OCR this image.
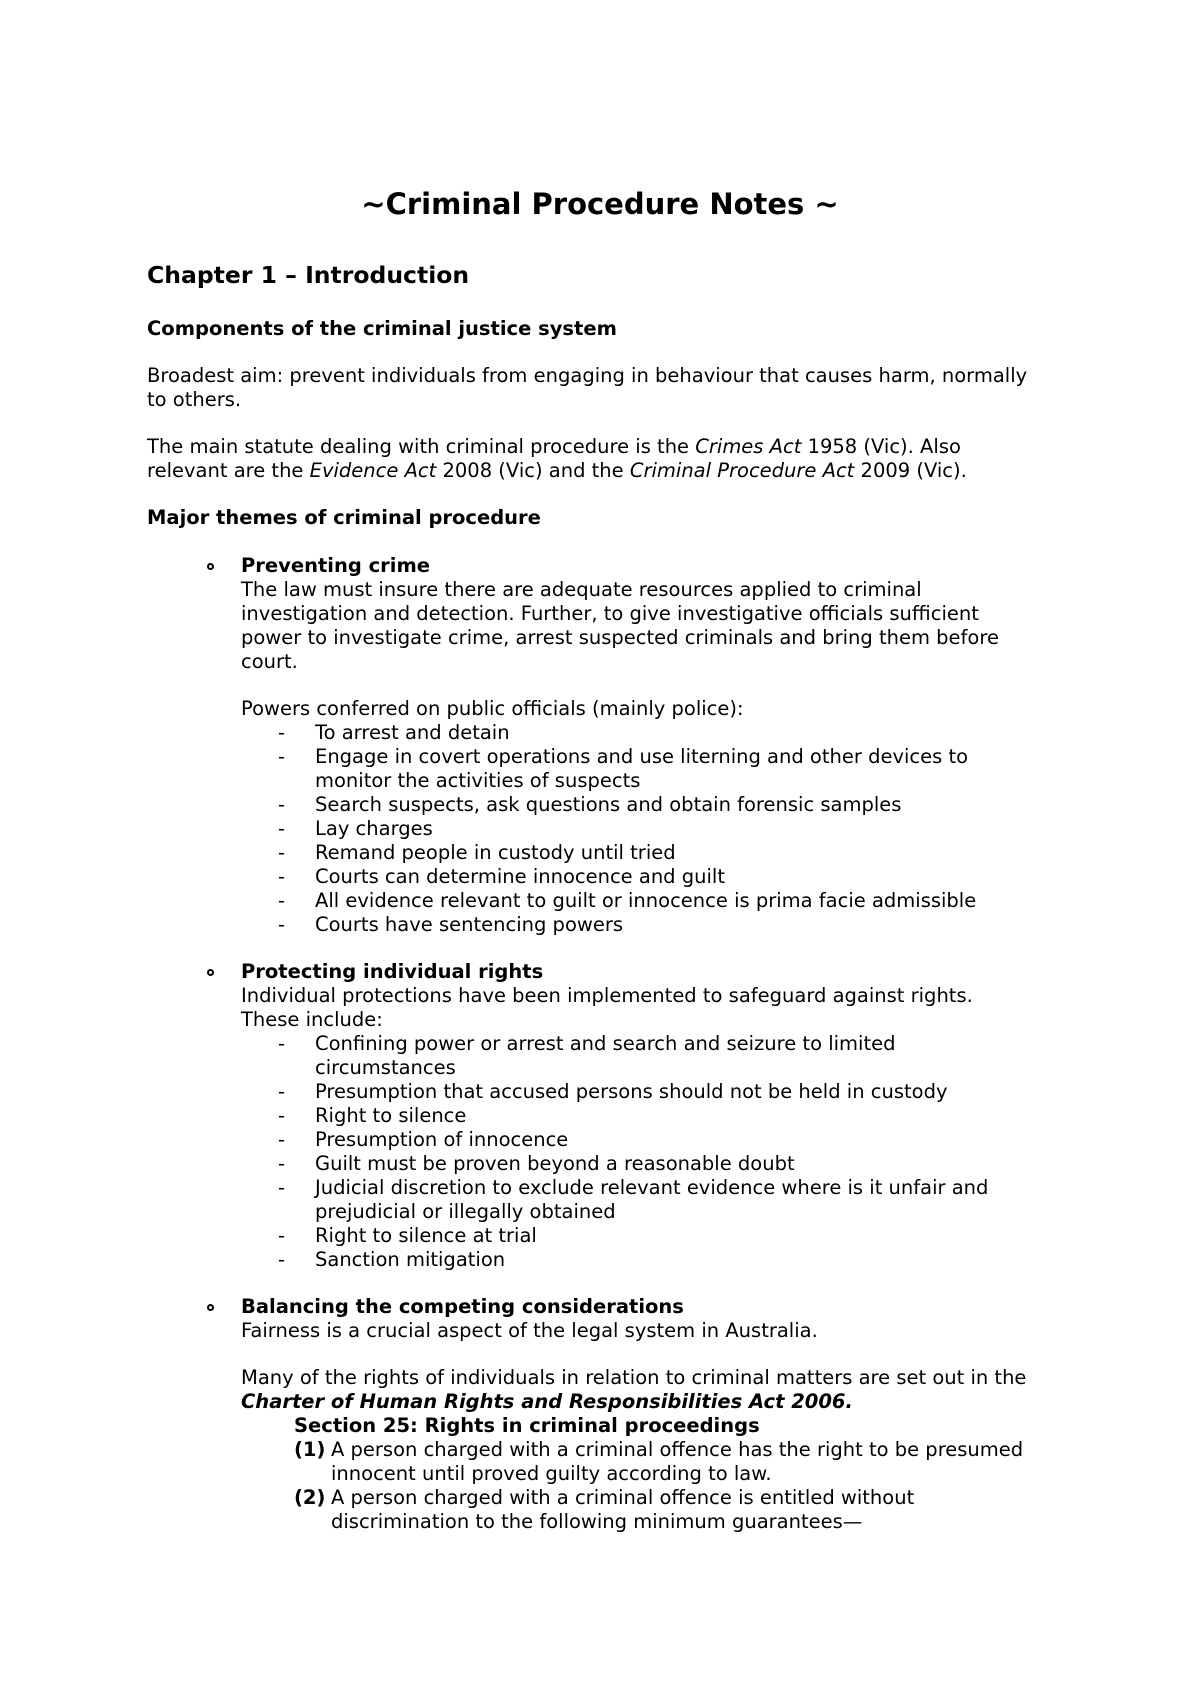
~Criminal Procedure Notes ~
Chapter 1 – Introduction
Components of the criminal justice system
Broadest aim: prevent individuals from engaging in behaviour that causes harm, normally
to others.
The main statute dealing with criminal procedure is the Crimes Act 1958 (Vic). Also
relevant are the Evidence Act 2008 (Vic) and the Criminal Procedure Act 2009 (Vic).
Major themes of criminal procedure
Preventing crime
The law must insure there are adequate resources applied to criminal
investigation and detection. Further, to give investigative officials sufficient
power to investigate crime, arrest suspected criminals and bring them before
court.
Powers conferred on public officials (mainly police):
- To arrest and detain
- Engage in covert operations and use literning and other devices to
monitor the activities of suspects
- Search suspects, ask questions and obtain forensic samples
- Lay charges
- Remand people in custody until tried
- Courts can determine innocence and guilt
- All evidence relevant to guilt or innocence is prima facie admissible
- Courts have sentencing powers
Protecting individual rights
Individual protections have been implemented to safeguard against rights.
These include:
- Confining power or arrest and search and seizure to limited
circumstances
- Presumption that accused persons should not be held in custody
- Right to silence
- Presumption of innocence
- Guilt must be proven beyond a reasonable doubt
- Judicial discretion to exclude relevant evidence where is it unfair and
prejudicial or illegally obtained
- Right to silence at trial
- Sanction mitigation
Balancing the competing considerations
Fairness is a crucial aspect of the legal system in Australia.
Many of the rights of individuals in relation to criminal matters are set out in the
Charter of Human Rights and Responsibilities Act 2006.
Section 25: Rights in criminal proceedings
(1) A person charged with a criminal offence has the right to be presumed
innocent until proved guilty according to law.
(2) A person charged with a criminal offence is entitled without
discrimination to the following minimum guarantees—
